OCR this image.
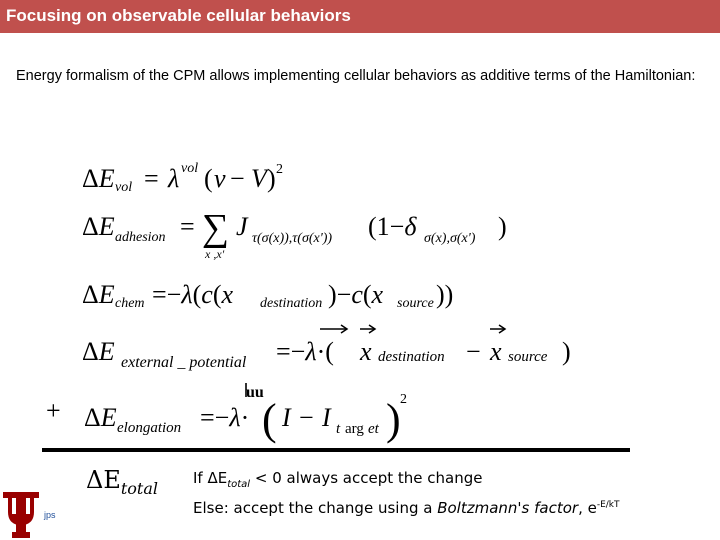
Focusing on observable cellular behaviors
Energy formalism of the CPM allows implementing cellular behaviors as additive terms of the Hamiltonian:
ΔE vol = λ vol ( v − V ) 2
ΔE adhesion = ∑
x ,x'
J τ(σ(x)),τ(σ(x')) (1−δ σ(x),σ(x') )
ΔE chem =−λ(c(x destination )−c(x source ))
ΔE external _ potential =−λ·( x destination − x source )
ΔE elongation =−λ· ( I − I t arg et ) 2
uu
+
$\Delta E_{total}$
If $\Delta E_{total} < 0$ always accept the change
Else: accept the change using a Boltzmann's factor, $e^{-E/kT}$
jps
